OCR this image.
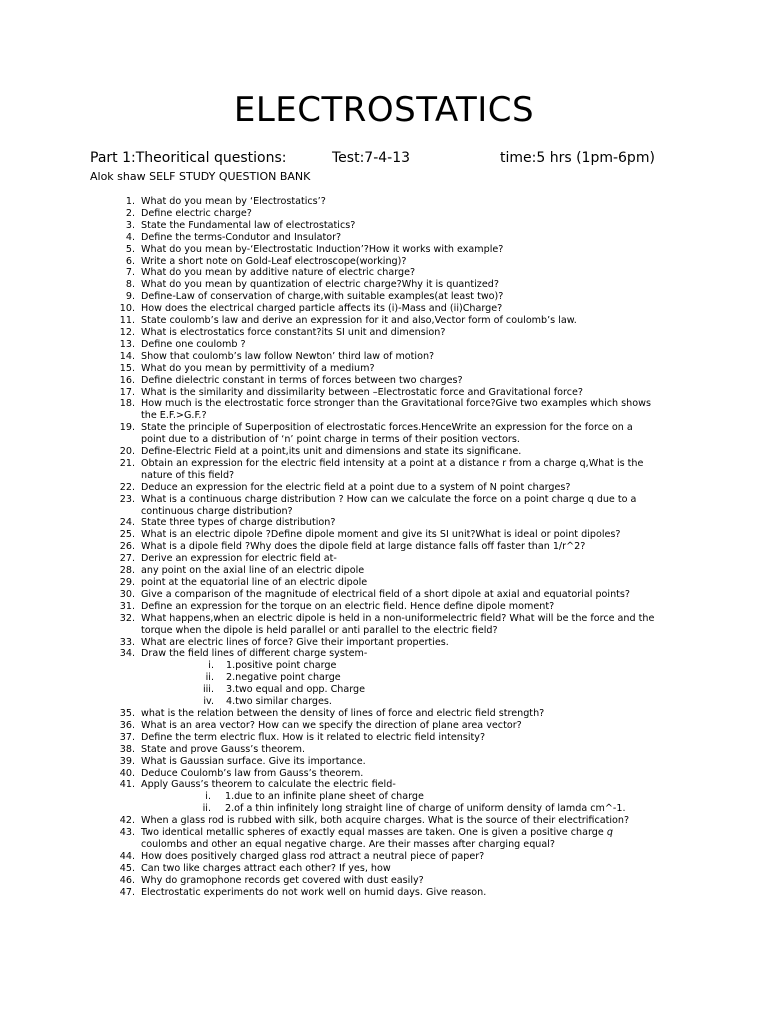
ELECTROSTATICS
Part 1:Theoritical questions:	Test:7-4-13	time:5 hrs (1pm-6pm)
Alok shaw SELF STUDY QUESTION BANK
1. What do you mean by ‘Electrostatics’?
2. Define electric charge?
3. State the Fundamental law of electrostatics?
4. Define the terms-Condutor and Insulator?
5. What do you mean by-‘Electrostatic Induction’?How it works with example?
6. Write a short note on Gold-Leaf electroscope(working)?
7. What do you mean by additive nature of electric charge?
8. What do you mean by quantization of electric charge?Why it is quantized?
9. Define-Law of conservation of charge,with suitable examples(at least two)?
10. How does the electrical charged particle affects its (i)-Mass and (ii)Charge?
11. State coulomb’s law and derive an expression for it and also,Vector form of coulomb’s law.
12. What is electrostatics force constant?its SI unit and dimension?
13. Define one coulomb ?
14. Show that coulomb’s law follow Newton’ third law of motion?
15. What do you mean by permittivity of a medium?
16. Define dielectric constant in terms of forces between two charges?
17. What is the similarity and dissimilarity between –Electrostatic force and Gravitational force?
18. How much is the electrostatic force stronger than the Gravitational force?Give two examples which shows
the E.F.>G.F.?
19. State the principle of Superposition of electrostatic forces.HenceWrite an expression for the force on a
point due to a distribution of ‘n’ point charge in terms of their position vectors.
20. Define-Electric Field at a point,its unit and dimensions and state its significane.
21. Obtain an expression for the electric field intensity at a point at a distance r from a charge q,What is the
nature of this field?
22. Deduce an expression for the electric field at a point due to a system of N point charges?
23. What is a continuous charge distribution ? How can we calculate the force on a point charge q due to a
continuous charge distribution?
24. State three types of charge distribution?
25. What is an electric dipole ?Define dipole moment and give its SI unit?What is ideal or point dipoles?
26. What is a dipole field ?Why does the dipole field at large distance falls off faster than 1/r^2?
27. Derive an expression for electric field at-
28. any point on the axial line of an electric dipole
29. point at the equatorial line of an electric dipole
30. Give a comparison of the magnitude of electrical field of a short dipole at axial and equatorial points?
31. Define an expression for the torque on an electric field. Hence define dipole moment?
32. What happens,when an electric dipole is held in a non-uniformelectric field? What will be the force and the
torque when the dipole is held parallel or anti parallel to the electric field?
33. What are electric lines of force? Give their important properties.
34. Draw the field lines of different charge system-
i.	1.positive point charge
ii.	2.negative point charge
iii.	3.two equal and opp. Charge
iv.	4.two similar charges.
35. what is the relation between the density of lines of force and electric field strength?
36. What is an area vector? How can we specify the direction of plane area vector?
37. Define the term electric flux. How is it related to electric field intensity?
38. State and prove Gauss’s theorem.
39. What is Gaussian surface. Give its importance.
40. Deduce Coulomb’s law from Gauss’s theorem.
41. Apply Gauss’s theorem to calculate the electric field-
i.	1.due to an infinite plane sheet of charge
ii.	2.of a thin infinitely long straight line of charge of uniform density of lamda cm^-1.
42. When a glass rod is rubbed with silk, both acquire charges. What is the source of their electrification?
43. Two identical metallic spheres of exactly equal masses are taken. One is given a positive charge q
coulombs and other an equal negative charge. Are their masses after charging equal?
44. How does positively charged glass rod attract a neutral piece of paper?
45. Can two like charges attract each other? If yes, how
46. Why do gramophone records get covered with dust easily?
47. Electrostatic experiments do not work well on humid days. Give reason.
